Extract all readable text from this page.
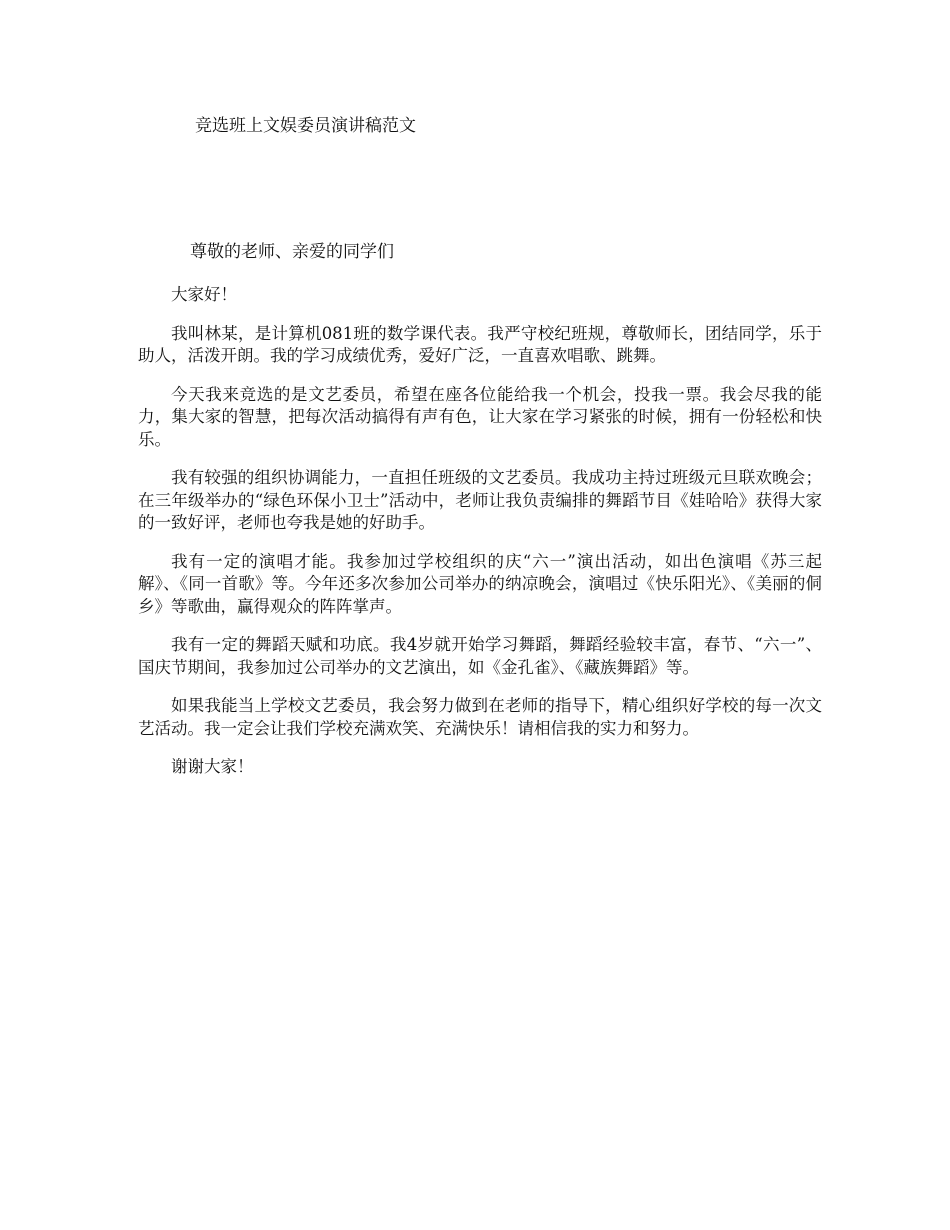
竞选班上文娱委员演讲稿范文
尊敬的老师、亲爱的同学们

大家好！

我叫林某，是计算机081班的数学课代表。我严守校纪班规，尊敬师长，团结同学，乐于助人，活泼开朗。我的学习成绩优秀，爱好广泛，一直喜欢唱歌、跳舞。

今天我来竞选的是文艺委员，希望在座各位能给我一个机会，投我一票。我会尽我的能力，集大家的智慧，把每次活动搞得有声有色，让大家在学习紧张的时候，拥有一份轻松和快乐。

我有较强的组织协调能力，一直担任班级的文艺委员。我成功主持过班级元旦联欢晚会；在三年级举办的“绿色环保小卫士”活动中，老师让我负责编排的舞蹈节目《娃哈哈》获得大家的一致好评，老师也夸我是她的好助手。

我有一定的演唱才能。我参加过学校组织的庆“六一”演出活动，如出色演唱《苏三起解》、《同一首歌》等。今年还多次参加公司举办的纳凉晚会，演唱过《快乐阳光》、《美丽的侗乡》等歌曲，赢得观众的阵阵掌声。

我有一定的舞蹈天赋和功底。我4岁就开始学习舞蹈，舞蹈经验较丰富，春节、“六一”、国庆节期间，我参加过公司举办的文艺演出，如《金孔雀》、《藏族舞蹈》等。

如果我能当上学校文艺委员，我会努力做到在老师的指导下，精心组织好学校的每一次文艺活动。我一定会让我们学校充满欢笑、充满快乐！请相信我的实力和努力。

谢谢大家！
